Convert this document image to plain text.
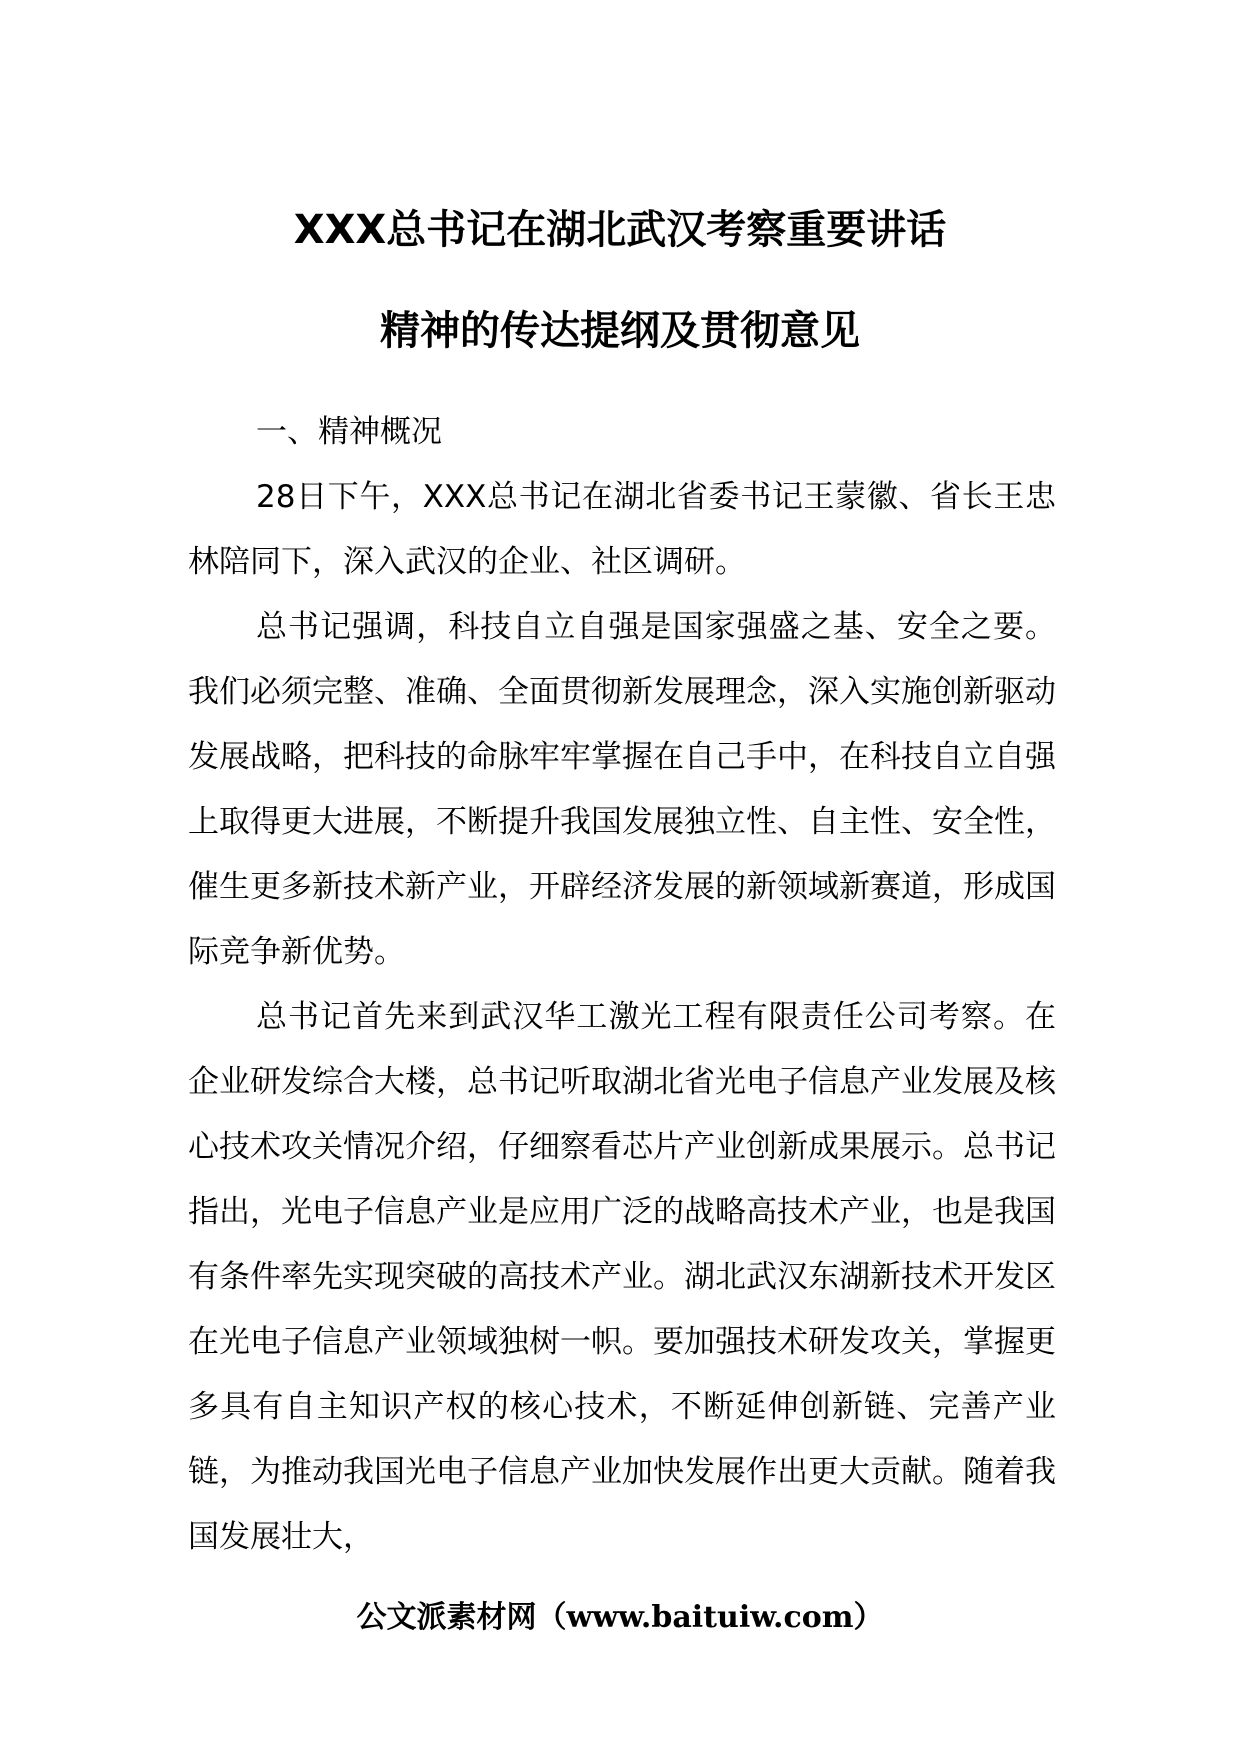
XXX总书记在湖北武汉考察重要讲话
精神的传达提纲及贯彻意见

一、精神概况

28日下午，XXX总书记在湖北省委书记王蒙徽、省长王忠林陪同下，深入武汉的企业、社区调研。

总书记强调，科技自立自强是国家强盛之基、安全之要。我们必须完整、准确、全面贯彻新发展理念，深入实施创新驱动发展战略，把科技的命脉牢牢掌握在自己手中，在科技自立自强上取得更大进展，不断提升我国发展独立性、自主性、安全性，催生更多新技术新产业，开辟经济发展的新领域新赛道，形成国际竞争新优势。

总书记首先来到武汉华工激光工程有限责任公司考察。在企业研发综合大楼，总书记听取湖北省光电子信息产业发展及核心技术攻关情况介绍，仔细察看芯片产业创新成果展示。总书记指出，光电子信息产业是应用广泛的战略高技术产业，也是我国有条件率先实现突破的高技术产业。湖北武汉东湖新技术开发区在光电子信息产业领域独树一帜。要加强技术研发攻关，掌握更多具有自主知识产权的核心技术，不断延伸创新链、完善产业链，为推动我国光电子信息产业加快发展作出更大贡献。随着我国发展壮大，

公文派素材网（www.baituiw.com）
